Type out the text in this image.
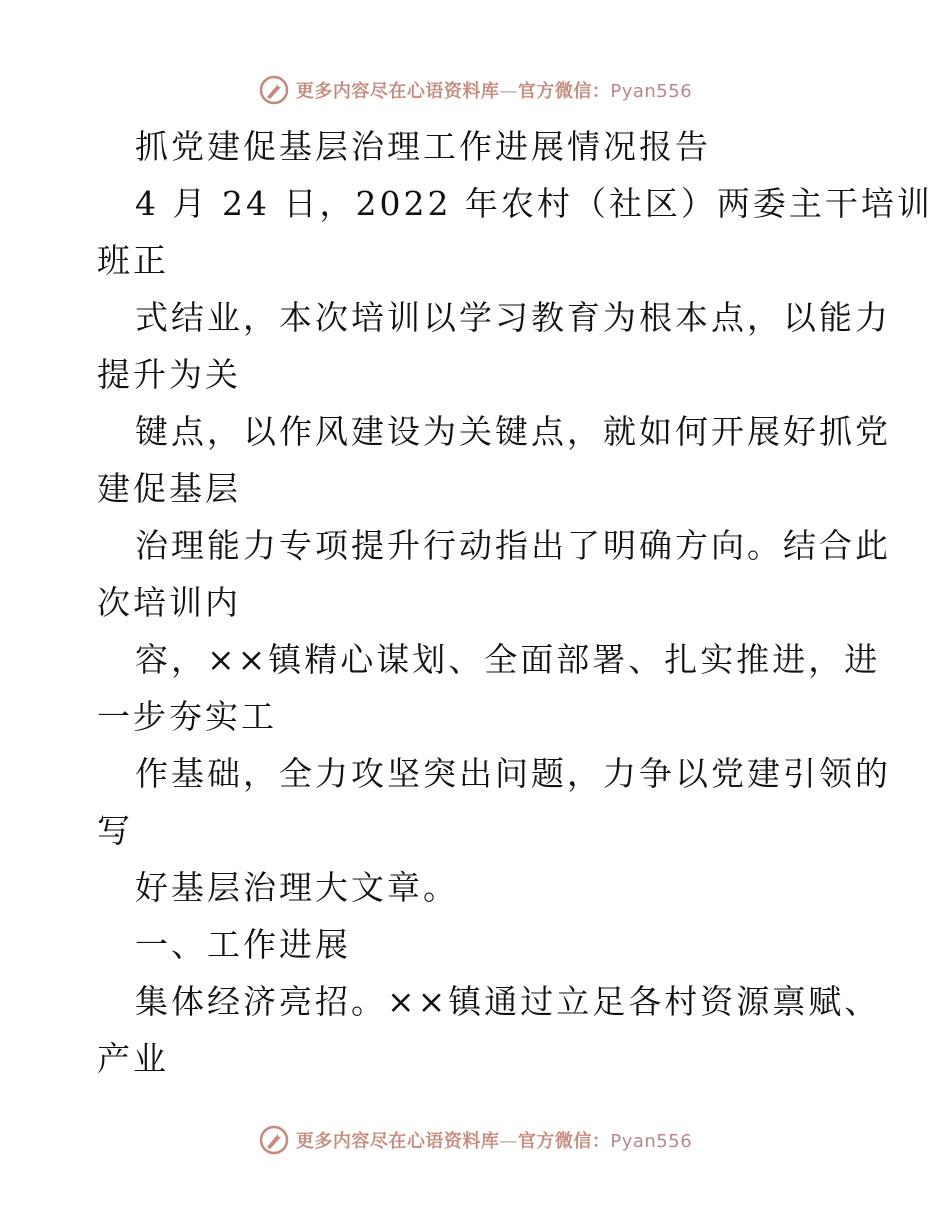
更多内容尽在心语资料库—官方微信：Pyan556
抓党建促基层治理工作进展情况报告
4 月 24 日，2022 年农村（社区）两委主干培训
班正
式结业，本次培训以学习教育为根本点，以能力
提升为关
键点，以作风建设为关键点，就如何开展好抓党
建促基层
治理能力专项提升行动指出了明确方向。结合此
次培训内
容，××镇精心谋划、全面部署、扎实推进，进
一步夯实工
作基础，全力攻坚突出问题，力争以党建引领的
写
好基层治理大文章。
一、工作进展
集体经济亮招。××镇通过立足各村资源禀赋、
产业
更多内容尽在心语资料库—官方微信：Pyan556
